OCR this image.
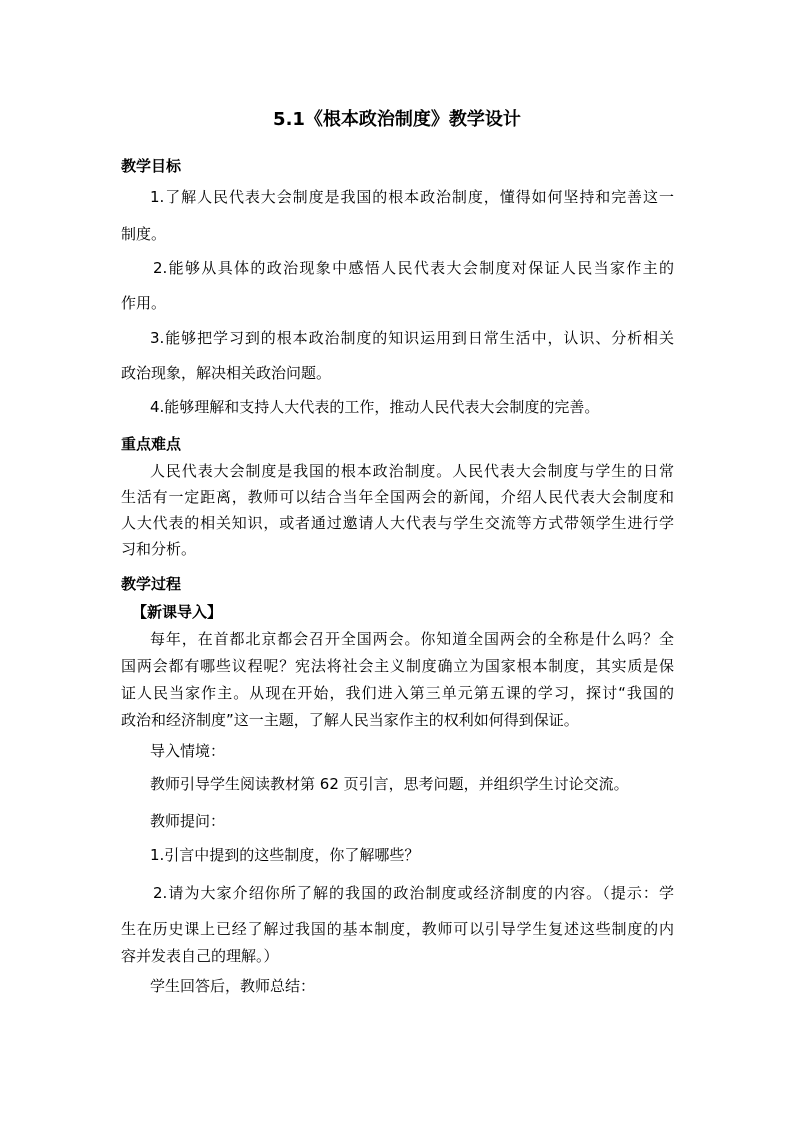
5.1《根本政治制度》教学设计
教学目标
1.了解人民代表大会制度是我国的根本政治制度，懂得如何坚持和完善这一
制度。
2.能够从具体的政治现象中感悟人民代表大会制度对保证人民当家作主的
作用。
3.能够把学习到的根本政治制度的知识运用到日常生活中，认识、分析相关
政治现象，解决相关政治问题。
4.能够理解和支持人大代表的工作，推动人民代表大会制度的完善。
重点难点
人民代表大会制度是我国的根本政治制度。人民代表大会制度与学生的日常
生活有一定距离，教师可以结合当年全国两会的新闻，介绍人民代表大会制度和
人大代表的相关知识，或者通过邀请人大代表与学生交流等方式带领学生进行学
习和分析。
教学过程
【新课导入】
每年，在首都北京都会召开全国两会。你知道全国两会的全称是什么吗？全
国两会都有哪些议程呢？宪法将社会主义制度确立为国家根本制度，其实质是保
证人民当家作主。从现在开始，我们进入第三单元第五课的学习，探讨“我国的
政治和经济制度”这一主题，了解人民当家作主的权利如何得到保证。
导入情境：
教师引导学生阅读教材第 62 页引言，思考问题，并组织学生讨论交流。
教师提问：
1.引言中提到的这些制度，你了解哪些？
2.请为大家介绍你所了解的我国的政治制度或经济制度的内容。（提示：学
生在历史课上已经了解过我国的基本制度，教师可以引导学生复述这些制度的内
容并发表自己的理解。）
学生回答后，教师总结：
